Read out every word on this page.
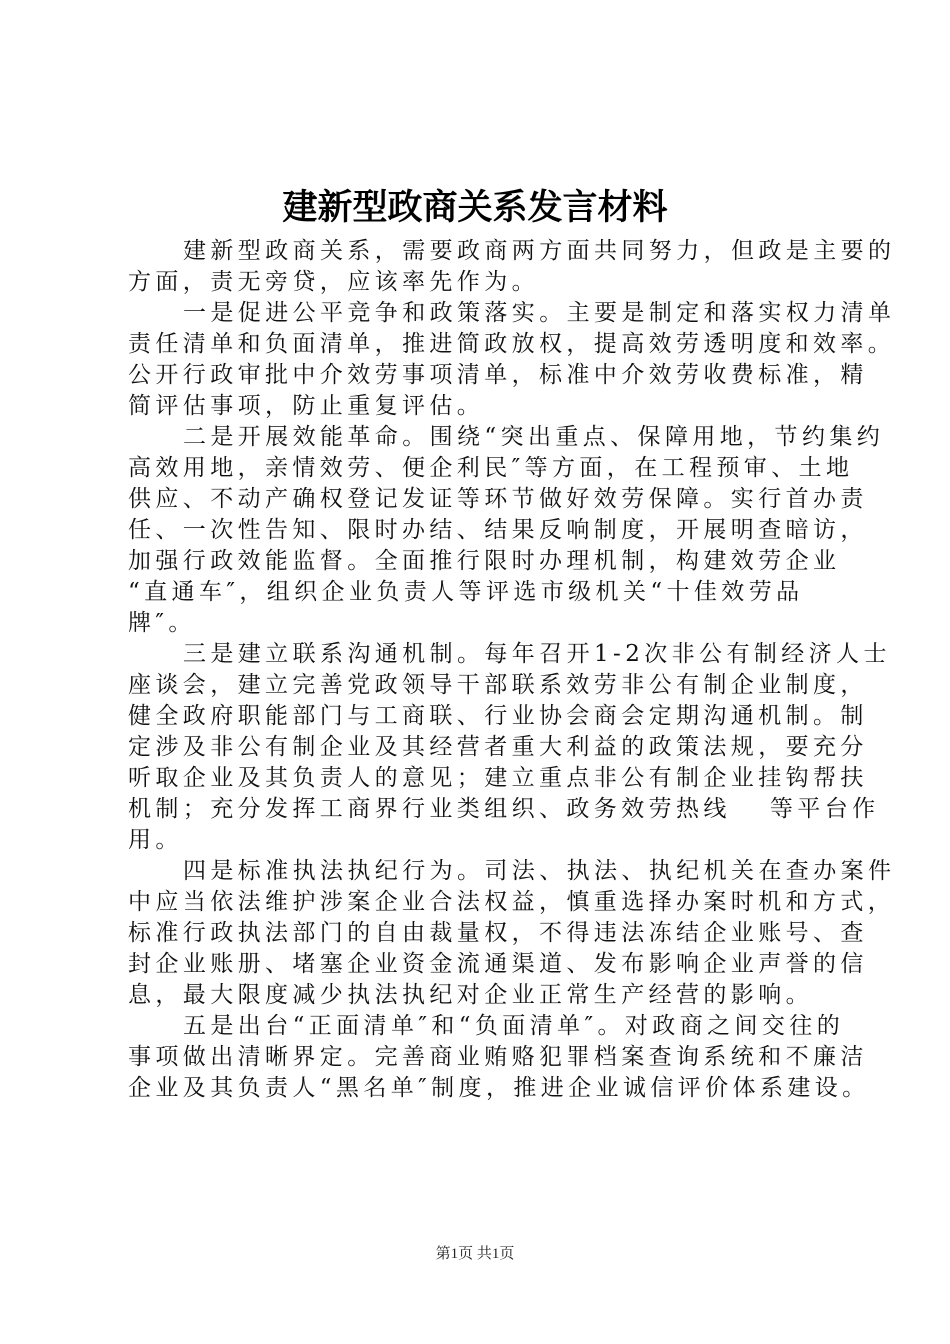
建新型政商关系发言材料
建新型政商关系，需要政商两方面共同努力，但政是主要的
方面，责无旁贷，应该率先作为。
一是促进公平竞争和政策落实。主要是制定和落实权力清单
责任清单和负面清单，推进简政放权，提高效劳透明度和效率。
公开行政审批中介效劳事项清单，标准中介效劳收费标准，精
简评估事项，防止重复评估。
二是开展效能革命。围绕“突出重点、保障用地，节约集约
高效用地，亲情效劳、便企利民″等方面，在工程预审、土地
供应、不动产确权登记发证等环节做好效劳保障。实行首办责
任、一次性告知、限时办结、结果反响制度，开展明查暗访，
加强行政效能监督。全面推行限时办理机制，构建效劳企业
“直通车″，组织企业负责人等评选市级机关“十佳效劳品
牌″。
三是建立联系沟通机制。每年召开1-2次非公有制经济人士
座谈会，建立完善党政领导干部联系效劳非公有制企业制度，
健全政府职能部门与工商联、行业协会商会定期沟通机制。制
定涉及非公有制企业及其经营者重大利益的政策法规，要充分
听取企业及其负责人的意见；建立重点非公有制企业挂钩帮扶
机制；充分发挥工商界行业类组织、政务效劳热线　 等平台作
用。
四是标准执法执纪行为。司法、执法、执纪机关在查办案件
中应当依法维护涉案企业合法权益，慎重选择办案时机和方式，
标准行政执法部门的自由裁量权，不得违法冻结企业账号、查
封企业账册、堵塞企业资金流通渠道、发布影响企业声誉的信
息，最大限度减少执法执纪对企业正常生产经营的影响。
五是出台“正面清单″和“负面清单″。对政商之间交往的
事项做出清晰界定。完善商业贿赂犯罪档案查询系统和不廉洁
企业及其负责人“黑名单″制度，推进企业诚信评价体系建设。
第1页 共1页
